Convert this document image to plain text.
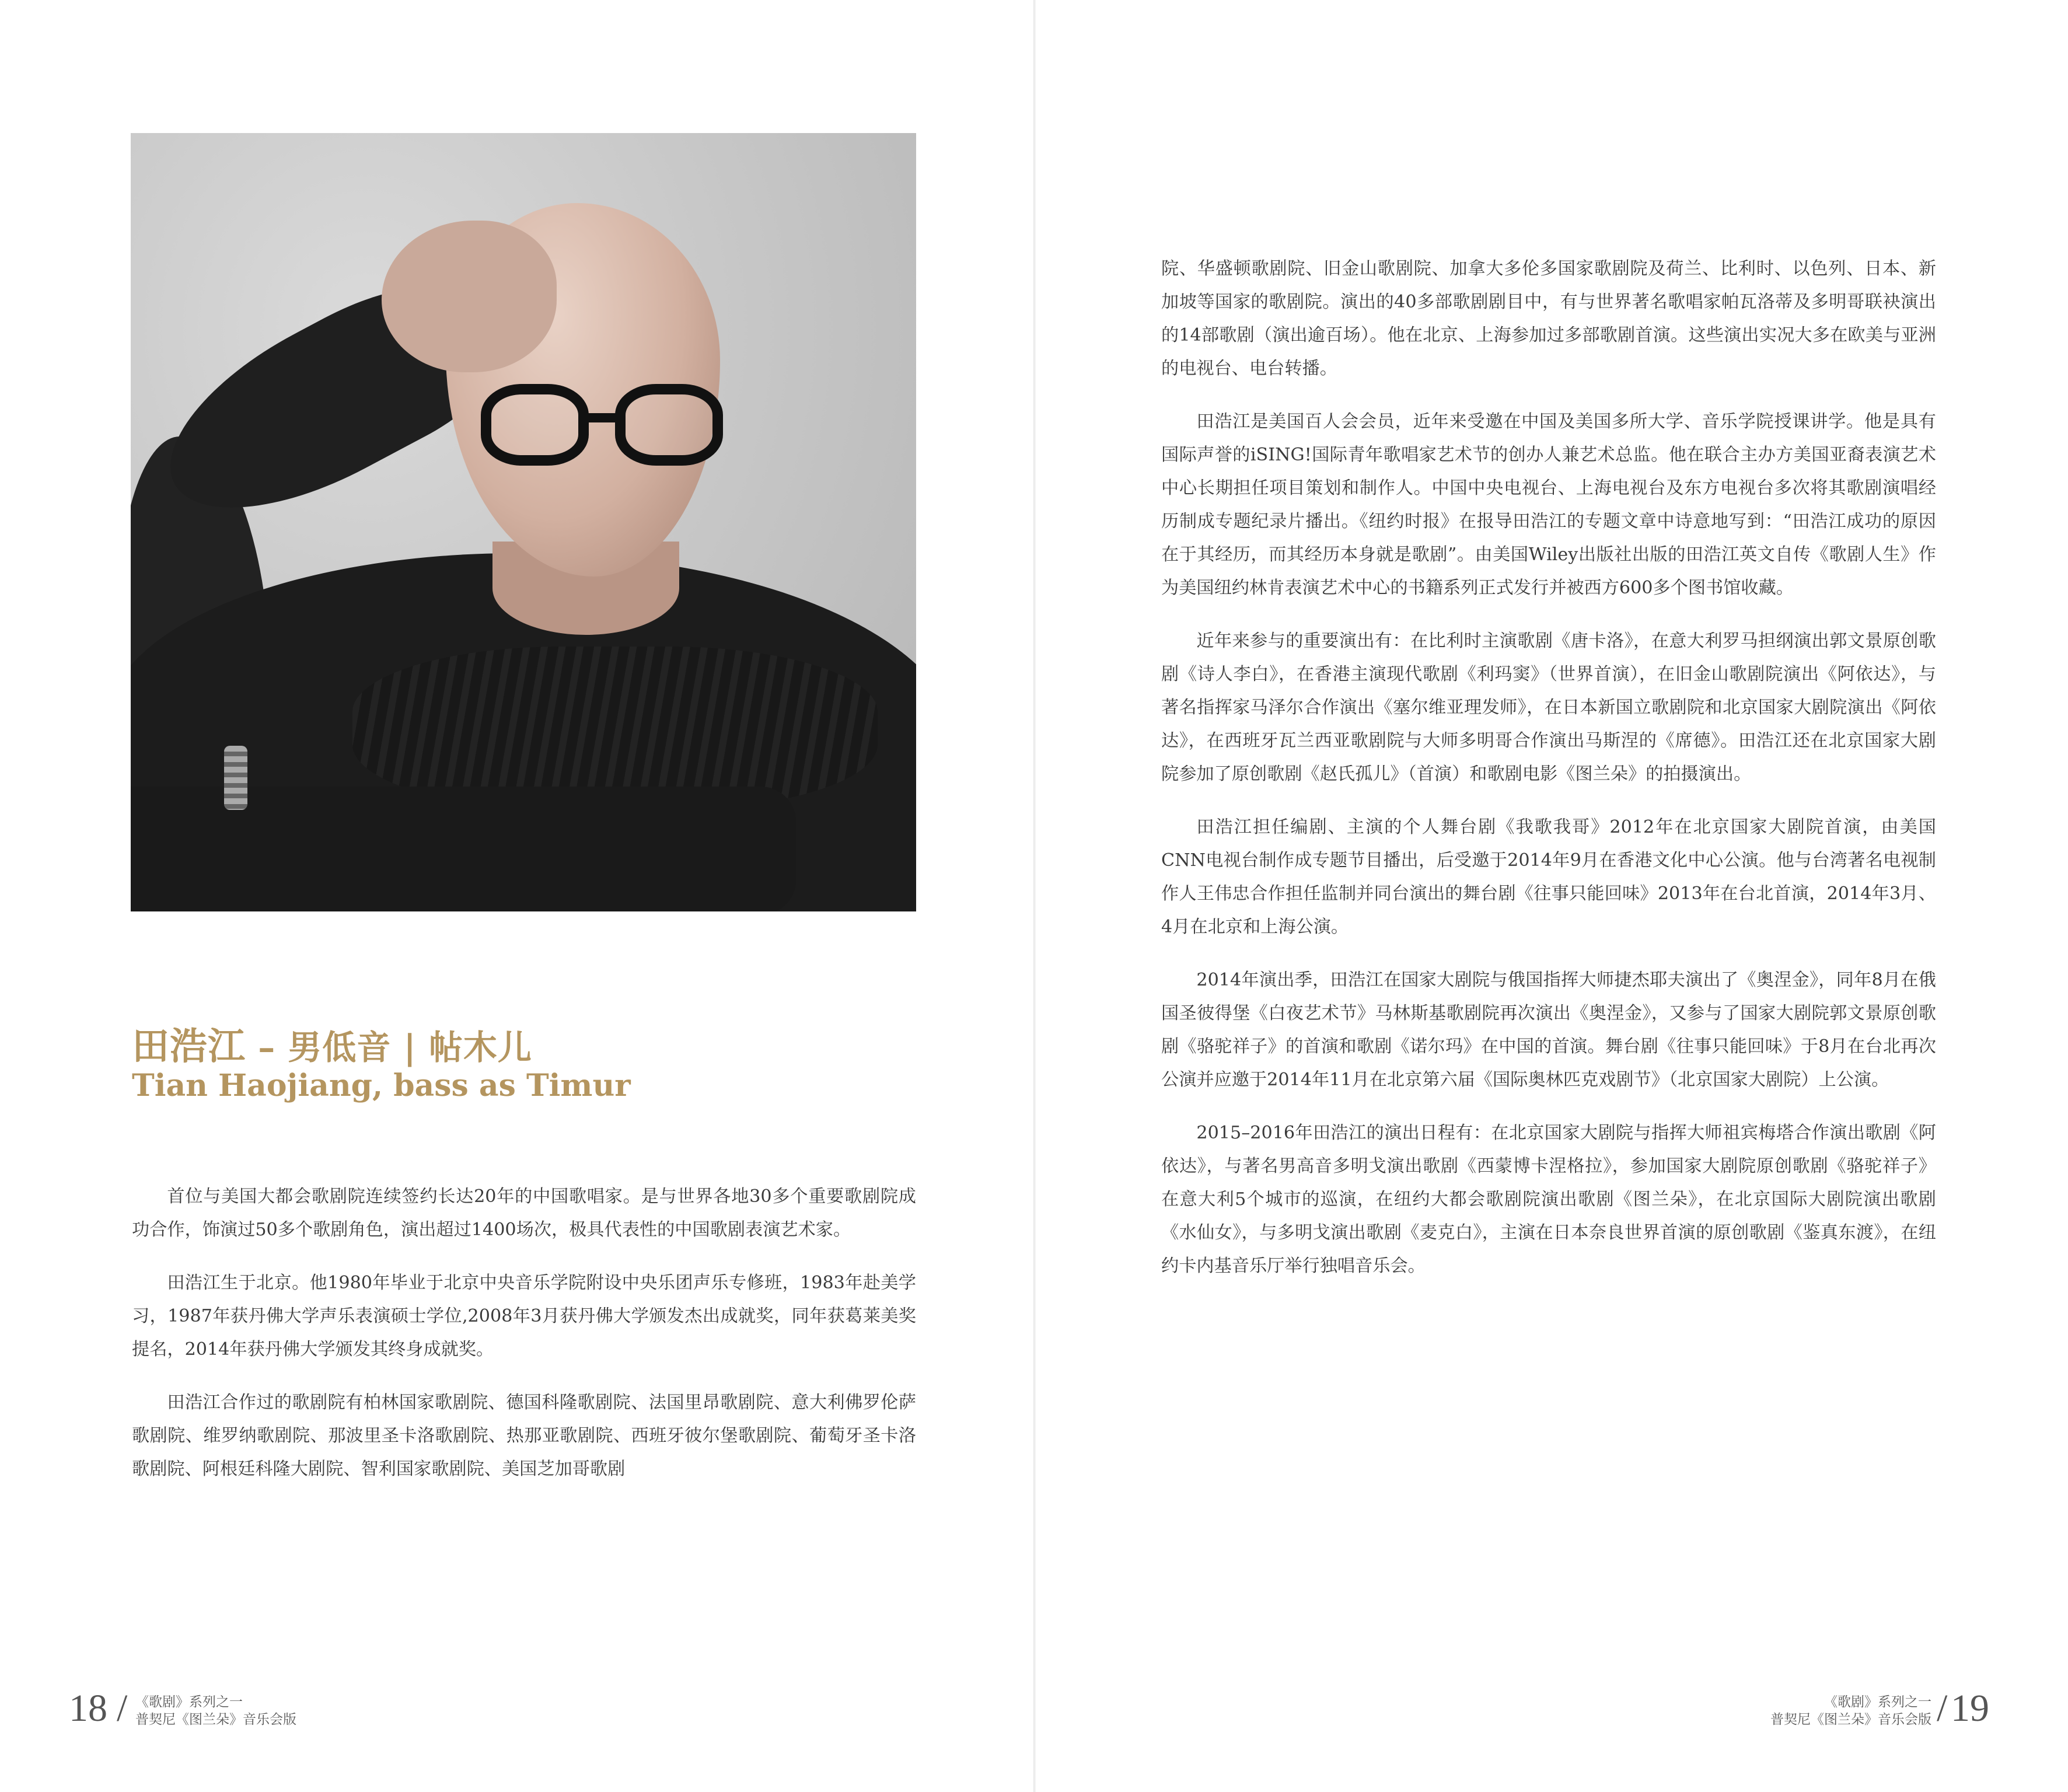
田浩江 – 男低音 | 帖木儿
Tian Haojiang, bass as Timur

首位与美国大都会歌剧院连续签约长达20年的中国歌唱家。是与世界各地30多个重要歌剧院成功合作，饰演过50多个歌剧角色，演出超过1400场次，极具代表性的中国歌剧表演艺术家。

田浩江生于北京。他1980年毕业于北京中央音乐学院附设中央乐团声乐专修班，1983年赴美学习，1987年获丹佛大学声乐表演硕士学位,2008年3月获丹佛大学颁发杰出成就奖，同年获葛莱美奖提名，2014年获丹佛大学颁发其终身成就奖。

田浩江合作过的歌剧院有柏林国家歌剧院、德国科隆歌剧院、法国里昂歌剧院、意大利佛罗伦萨歌剧院、维罗纳歌剧院、那波里圣卡洛歌剧院、热那亚歌剧院、西班牙彼尔堡歌剧院、葡萄牙圣卡洛歌剧院、阿根廷科隆大剧院、智利国家歌剧院、美国芝加哥歌剧

18 / 《歌剧》系列之一
普契尼《图兰朵》音乐会版

院、华盛顿歌剧院、旧金山歌剧院、加拿大多伦多国家歌剧院及荷兰、比利时、以色列、日本、新加坡等国家的歌剧院。演出的40多部歌剧剧目中，有与世界著名歌唱家帕瓦洛蒂及多明哥联袂演出的14部歌剧（演出逾百场）。他在北京、上海参加过多部歌剧首演。这些演出实况大多在欧美与亚洲的电视台、电台转播。

田浩江是美国百人会会员，近年来受邀在中国及美国多所大学、音乐学院授课讲学。他是具有国际声誉的iSING!国际青年歌唱家艺术节的创办人兼艺术总监。他在联合主办方美国亚裔表演艺术中心长期担任项目策划和制作人。中国中央电视台、上海电视台及东方电视台多次将其歌剧演唱经历制成专题纪录片播出。《纽约时报》在报导田浩江的专题文章中诗意地写到：“田浩江成功的原因在于其经历，而其经历本身就是歌剧”。由美国Wiley出版社出版的田浩江英文自传《歌剧人生》作为美国纽约林肯表演艺术中心的书籍系列正式发行并被西方600多个图书馆收藏。

近年来参与的重要演出有：在比利时主演歌剧《唐卡洛》，在意大利罗马担纲演出郭文景原创歌剧《诗人李白》，在香港主演现代歌剧《利玛窦》（世界首演），在旧金山歌剧院演出《阿依达》，与著名指挥家马泽尔合作演出《塞尔维亚理发师》，在日本新国立歌剧院和北京国家大剧院演出《阿依达》，在西班牙瓦兰西亚歌剧院与大师多明哥合作演出马斯涅的《席德》。田浩江还在北京国家大剧院参加了原创歌剧《赵氏孤儿》（首演）和歌剧电影《图兰朵》的拍摄演出。

田浩江担任编剧、主演的个人舞台剧《我歌我哥》2012年在北京国家大剧院首演，由美国CNN电视台制作成专题节目播出，后受邀于2014年9月在香港文化中心公演。他与台湾著名电视制作人王伟忠合作担任监制并同台演出的舞台剧《往事只能回味》2013年在台北首演，2014年3月、4月在北京和上海公演。

2014年演出季，田浩江在国家大剧院与俄国指挥大师捷杰耶夫演出了《奥涅金》，同年8月在俄国圣彼得堡《白夜艺术节》马林斯基歌剧院再次演出《奥涅金》，又参与了国家大剧院郭文景原创歌剧《骆驼祥子》的首演和歌剧《诺尔玛》在中国的首演。舞台剧《往事只能回味》于8月在台北再次公演并应邀于2014年11月在北京第六届《国际奥林匹克戏剧节》（北京国家大剧院）上公演。

2015–2016年田浩江的演出日程有：在北京国家大剧院与指挥大师祖宾梅塔合作演出歌剧《阿依达》，与著名男高音多明戈演出歌剧《西蒙博卡涅格拉》，参加国家大剧院原创歌剧《骆驼祥子》在意大利5个城市的巡演，在纽约大都会歌剧院演出歌剧《图兰朵》，在北京国际大剧院演出歌剧《水仙女》，与多明戈演出歌剧《麦克白》，主演在日本奈良世界首演的原创歌剧《鉴真东渡》，在纽约卡内基音乐厅举行独唱音乐会。

《歌剧》系列之一
普契尼《图兰朵》音乐会版 / 19
